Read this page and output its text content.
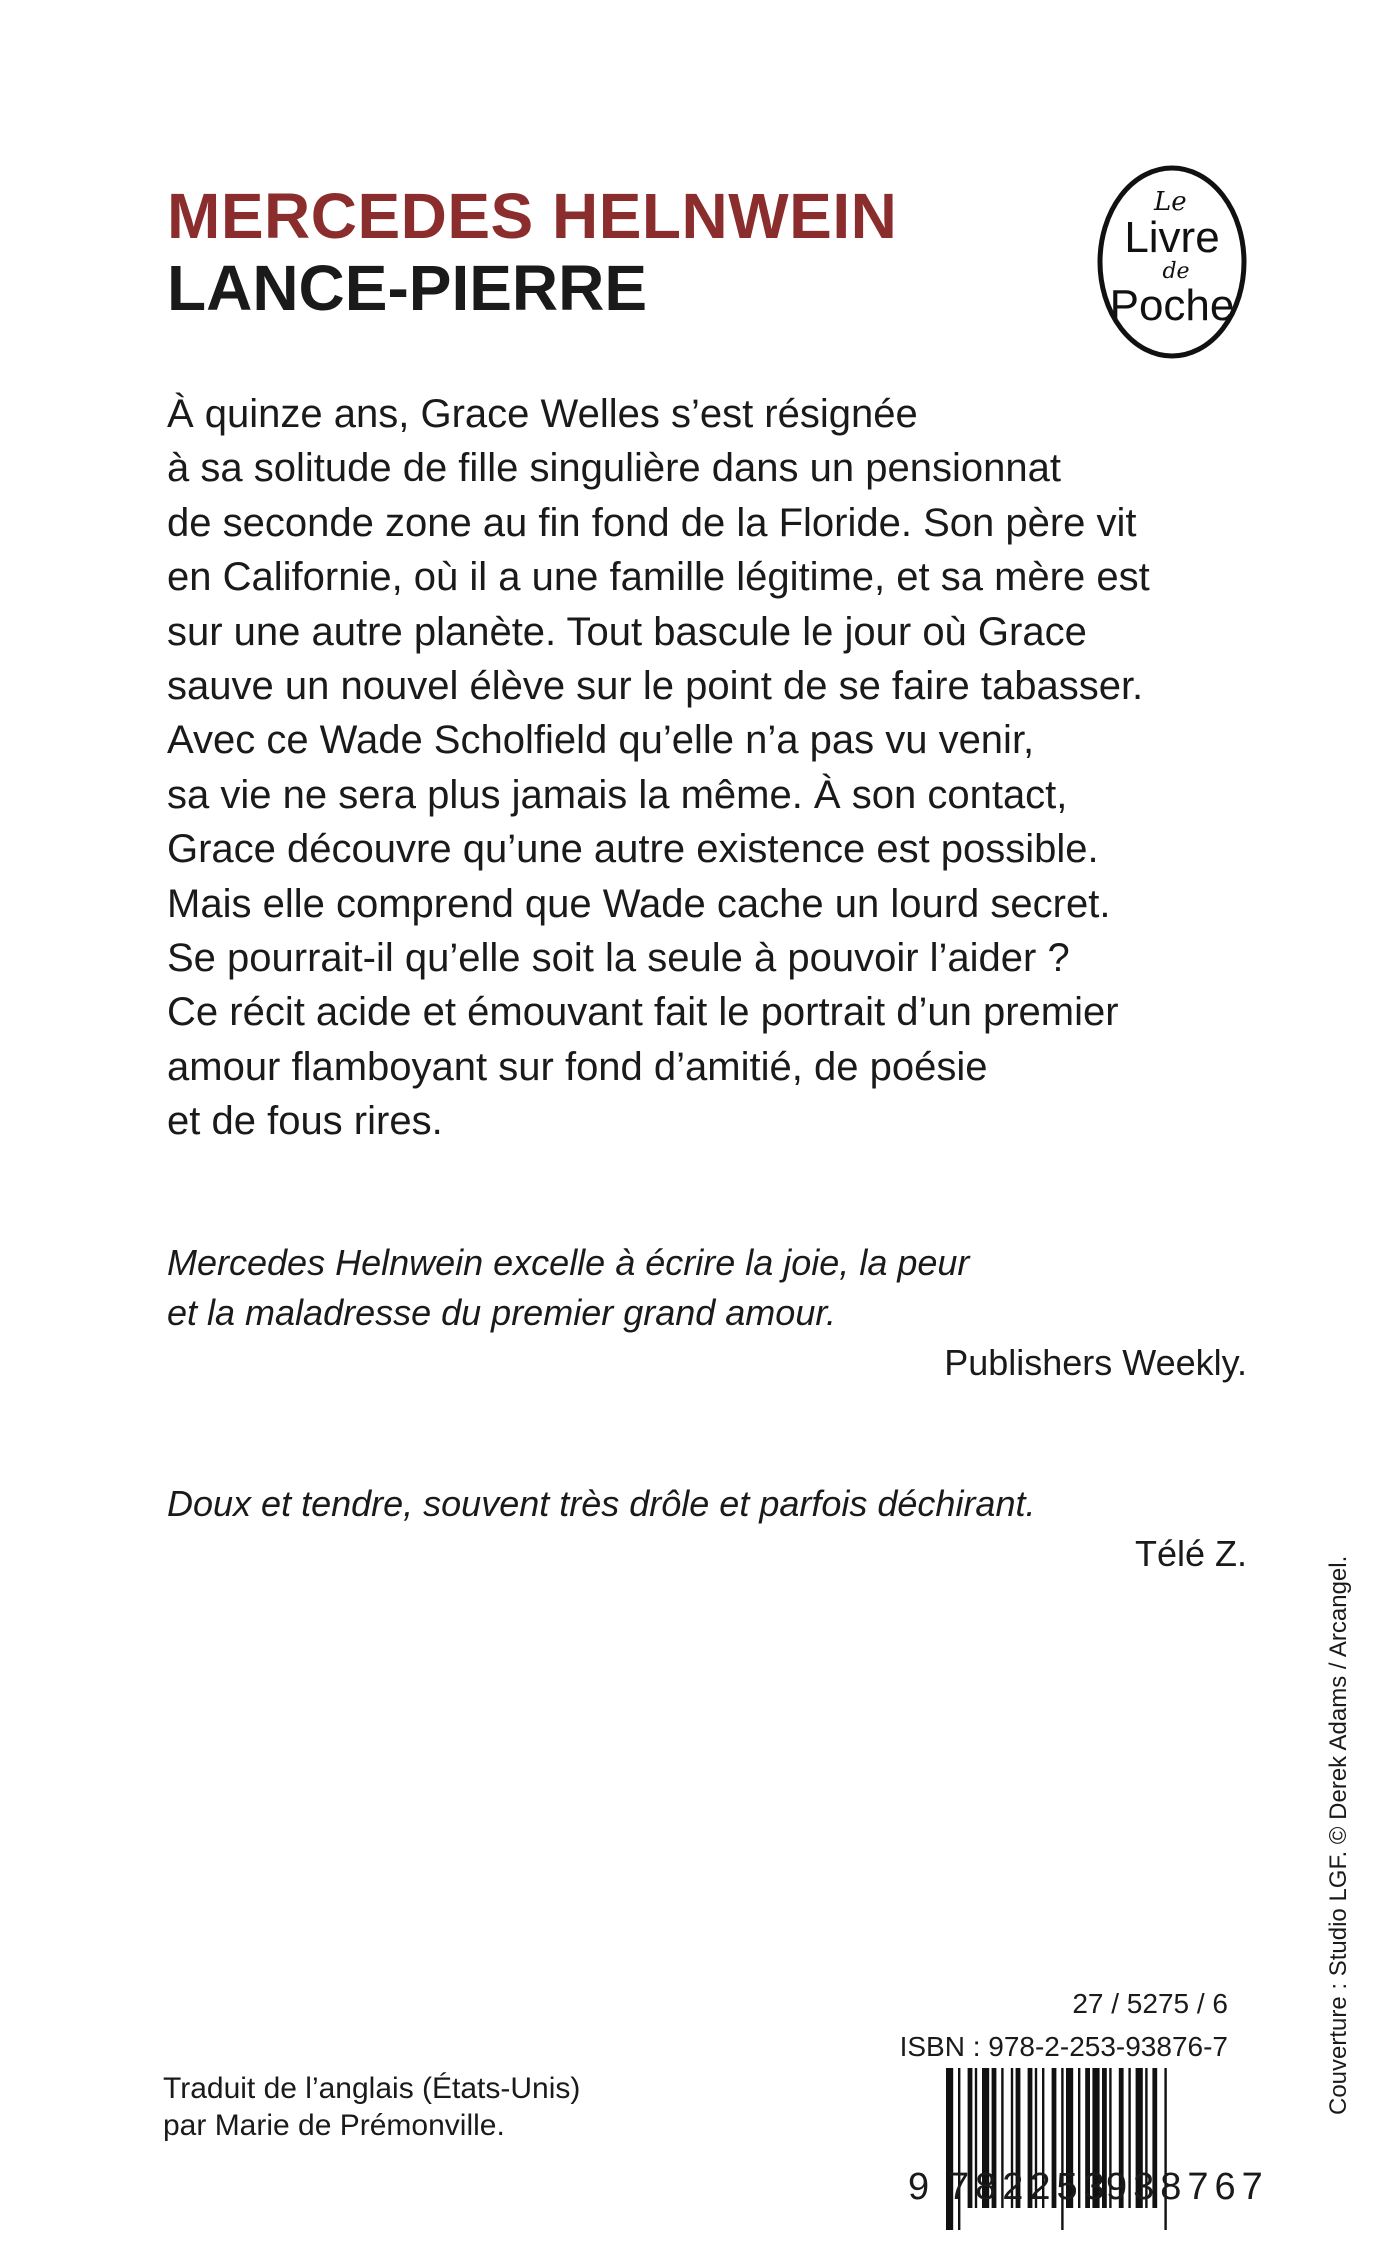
MERCEDES HELNWEIN
LANCE-PIERRE
Le
Livre
de
Poche
À quinze ans, Grace Welles s’est résignée
à sa solitude de fille singulière dans un pensionnat
de seconde zone au fin fond de la Floride. Son père vit
en Californie, où il a une famille légitime, et sa mère est
sur une autre planète. Tout bascule le jour où Grace
sauve un nouvel élève sur le point de se faire tabasser.
Avec ce Wade Scholfield qu’elle n’a pas vu venir,
sa vie ne sera plus jamais la même. À son contact,
Grace découvre qu’une autre existence est possible.
Mais elle comprend que Wade cache un lourd secret.
Se pourrait-il qu’elle soit la seule à pouvoir l’aider ?
Ce récit acide et émouvant fait le portrait d’un premier
amour flamboyant sur fond d’amitié, de poésie
et de fous rires.
Mercedes Helnwein excelle à écrire la joie, la peur
et la maladresse du premier grand amour.
Publishers Weekly.
Doux et tendre, souvent très drôle et parfois déchirant.
Télé Z.
Couverture : Studio LGF. © Derek Adams / Arcangel.
Traduit de l’anglais (États-Unis)
par Marie de Prémonville.
27 / 5275 / 6
ISBN : 978-2-253-93876-7
9 782253
938767
